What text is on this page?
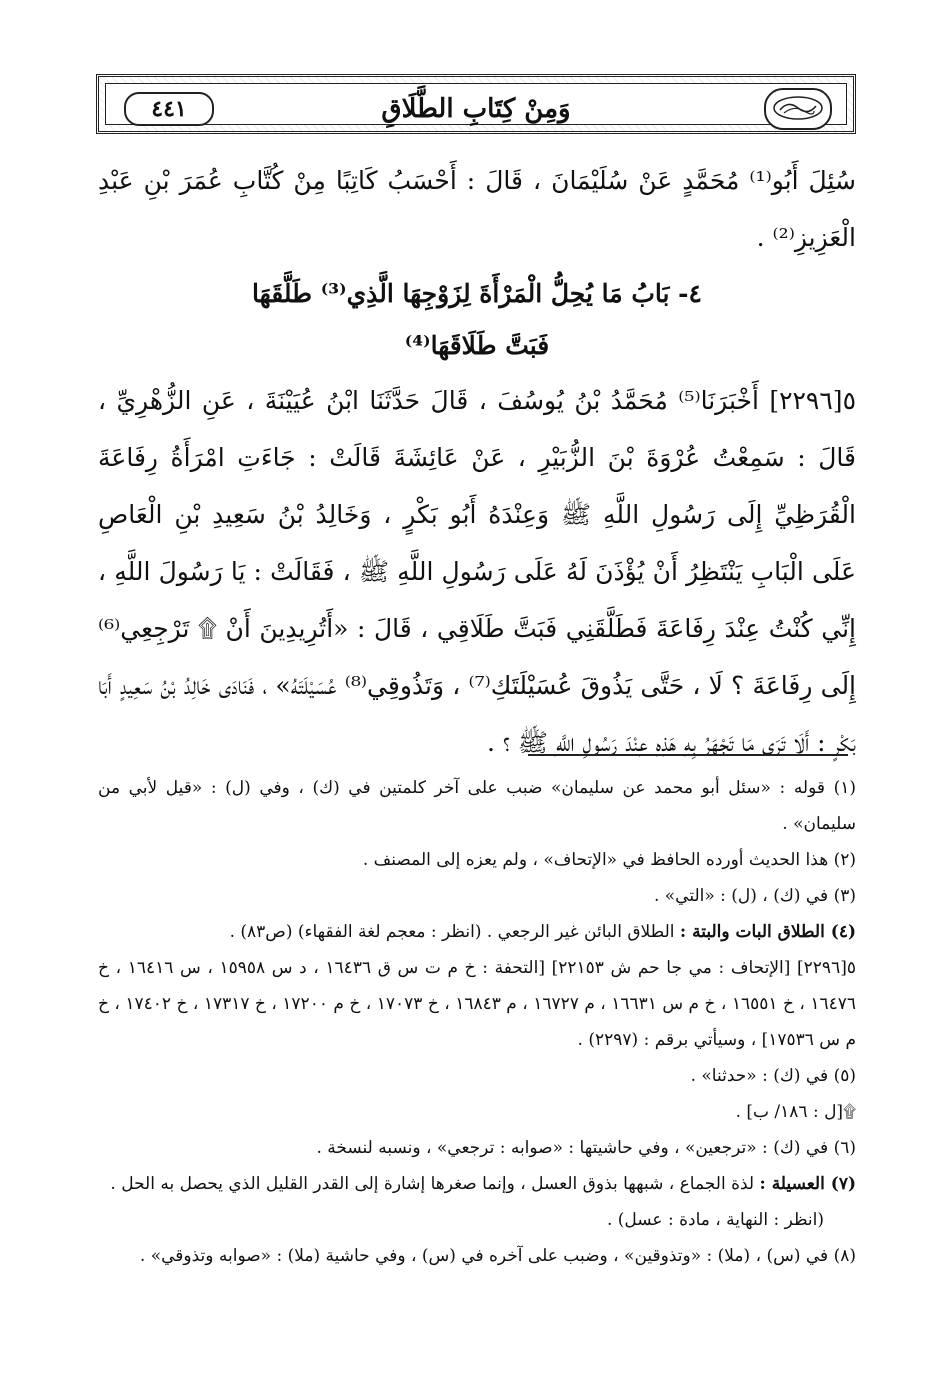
٤٤١	وَمِنْ كِتَابِ الطَّلَاقِ
سُئِلَ أَبُو⁽¹⁾ مُحَمَّدٍ عَنْ سُلَيْمَانَ ، قَالَ : أَحْسَبُ كَاتِبًا مِنْ كُتَّابِ عُمَرَ بْنِ عَبْدِ الْعَزِيزِ⁽²⁾ .
٤- بَابُ مَا يُحِلُّ الْمَرْأَةَ لِزَوْجِهَا الَّذِي⁽³⁾ طَلَّقَهَا
فَبَتَّ طَلَاقَهَا⁽⁴⁾
٥[٢٢٩٦] أَخْبَرَنَا⁽⁵⁾ مُحَمَّدُ بْنُ يُوسُفَ ، قَالَ حَدَّثَنَا ابْنُ عُيَيْنَةَ ، عَنِ الزُّهْرِيِّ ، قَالَ : سَمِعْتُ عُرْوَةَ بْنَ الزُّبَيْرِ ، عَنْ عَائِشَةَ قَالَتْ : جَاءَتِ امْرَأَةُ رِفَاعَةَ الْقُرَظِيِّ إِلَى رَسُولِ اللَّهِ ﷺ وَعِنْدَهُ أَبُو بَكْرٍ ، وَخَالِدُ بْنُ سَعِيدِ بْنِ الْعَاصِ عَلَى الْبَابِ يَنْتَظِرُ أَنْ يُؤْذَنَ لَهُ عَلَى رَسُولِ اللَّهِ ﷺ ، فَقَالَتْ : يَا رَسُولَ اللَّهِ ، إِنِّي كُنْتُ عِنْدَ رِفَاعَةَ فَطَلَّقَنِي فَبَتَّ طَلَاقِي ، قَالَ : «أَتُرِيدِينَ أَنْ ۩ تَرْجِعِي⁽⁶⁾ إِلَى رِفَاعَةَ ؟ لَا ، حَتَّى يَذُوقَ عُسَيْلَتَكِ⁽⁷⁾ ، وَتَذُوقِي⁽⁸⁾ عُسَيْلَتَهُ» ، فَنَادَى خَالِدُ بْنُ سَعِيدٍ أَبَا بَكْرٍ : أَلَا تَرَى مَا تَجْهَرُ بِهِ هَذِهِ عِنْدَ رَسُولِ اللَّهِ ﷺ ؟ .
(١) قوله : «سئل أبو محمد عن سليمان» ضبب على آخر كلمتين في (ك) ، وفي (ل) : «قيل لأبي من سليمان» .
(٢) هذا الحديث أورده الحافظ في «الإتحاف» ، ولم يعزه إلى المصنف .
(٣) في (ك) ، (ل) : «التي» .
(٤) الطلاق البات والبتة : الطلاق البائن غير الرجعي . (انظر : معجم لغة الفقهاء) (ص٨٣) .
٥[٢٢٩٦] [الإتحاف : مي جا حم ش ٢٢١٥٣] [التحفة : خ م ت س ق ١٦٤٣٦ ، د س ١٥٩٥٨ ، س ١٦٤١٦ ، خ ١٦٤٧٦ ، خ ١٦٥٥١ ، خ م س ١٦٦٣١ ، م ١٦٧٢٧ ، م ١٦٨٤٣ ، خ ١٧٠٧٣ ، خ م ١٧٢٠٠ ، خ ١٧٣١٧ ، خ ١٧٤٠٢ ، خ م س ١٧٥٣٦] ، وسيأتي برقم : (٢٢٩٧) .
(٥) في (ك) : «حدثنا» .
۩[ل : ١٨٦/ ب] .
(٦) في (ك) : «ترجعين» ، وفي حاشيتها : «صوابه : ترجعي» ، ونسبه لنسخة .
(٧) العسيلة : لذة الجماع ، شبهها بذوق العسل ، وإنما صغرها إشارة إلى القدر القليل الذي يحصل به الحل .
(انظر : النهاية ، مادة : عسل) .
(٨) في (س) ، (ملا) : «وتذوقين» ، وضبب على آخره في (س) ، وفي حاشية (ملا) : «صوابه وتذوقي» .
